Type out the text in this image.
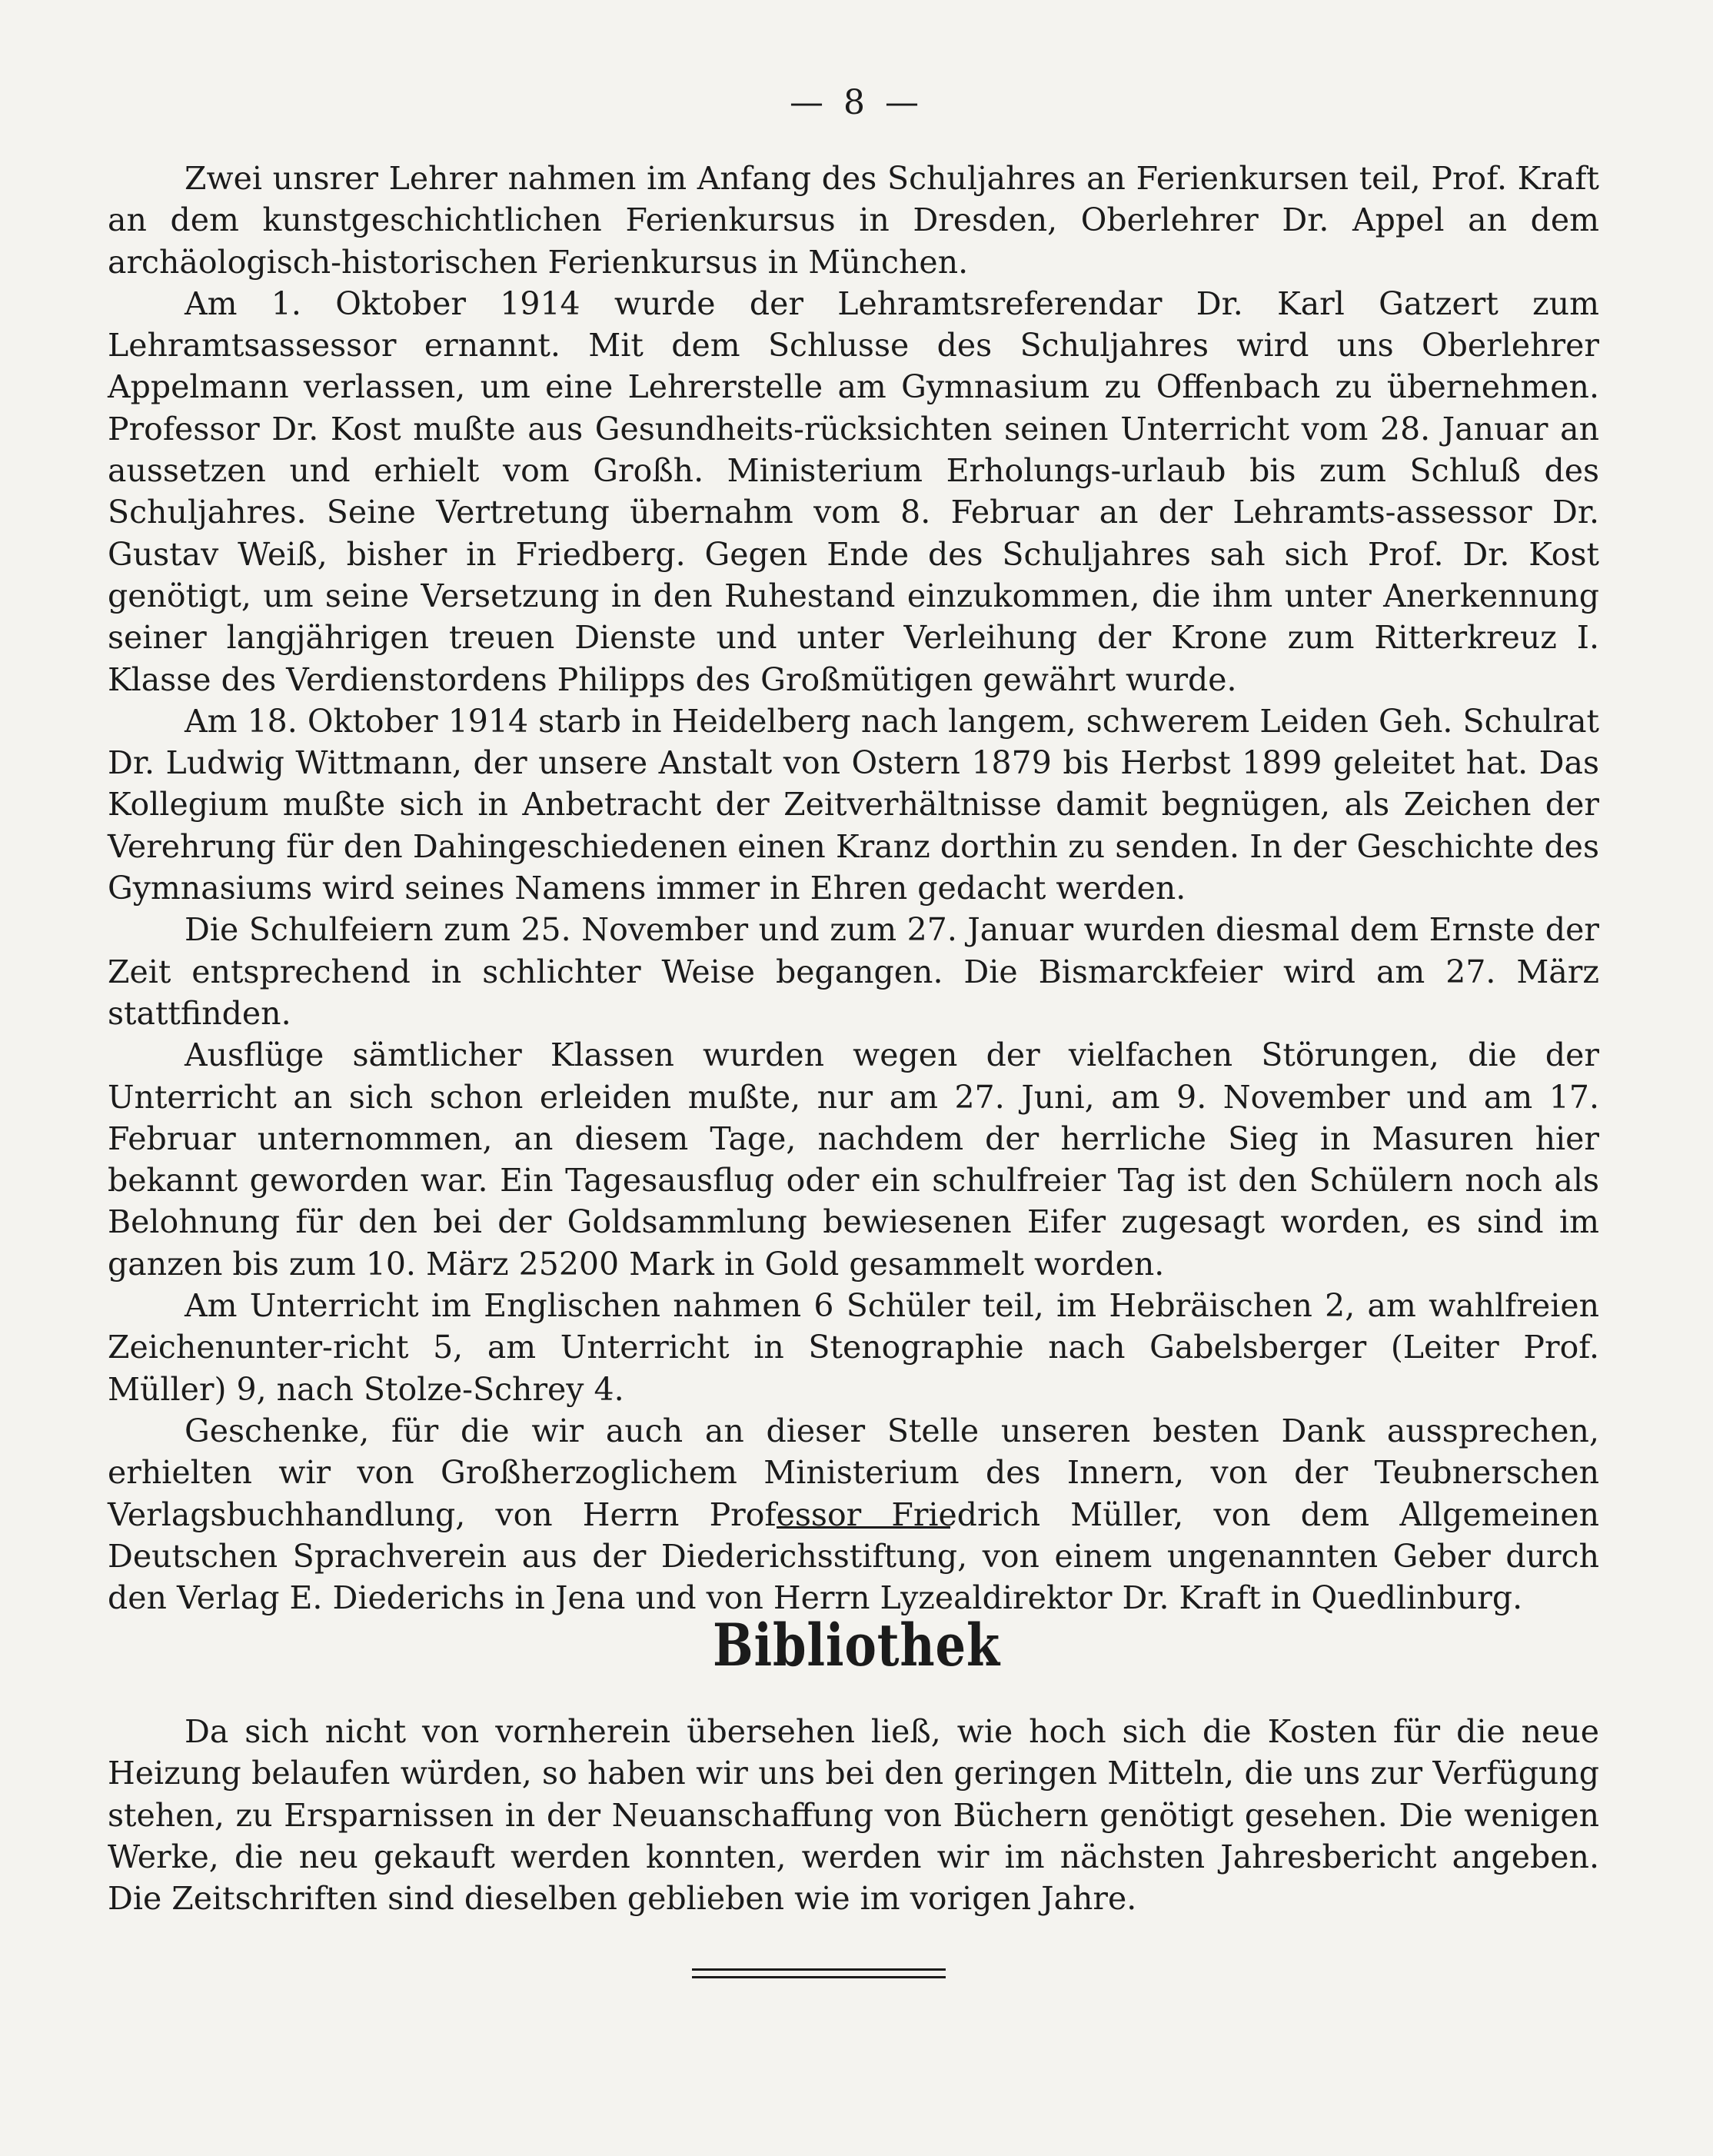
— 8 —

Zwei unsrer Lehrer nahmen im Anfang des Schuljahres an Ferienkursen teil, Prof. Kraft an dem kunstgeschichtlichen Ferienkursus in Dresden, Oberlehrer Dr. Appel an dem archäologisch-historischen Ferienkursus in München.

Am 1. Oktober 1914 wurde der Lehramtsreferendar Dr. Karl Gatzert zum Lehramtsassessor ernannt. Mit dem Schlusse des Schuljahres wird uns Oberlehrer Appelmann verlassen, um eine Lehrerstelle am Gymnasium zu Offenbach zu übernehmen. Professor Dr. Kost mußte aus Gesundheits-rücksichten seinen Unterricht vom 28. Januar an aussetzen und erhielt vom Großh. Ministerium Erholungs-urlaub bis zum Schluß des Schuljahres. Seine Vertretung übernahm vom 8. Februar an der Lehramts-assessor Dr. Gustav Weiß, bisher in Friedberg. Gegen Ende des Schuljahres sah sich Prof. Dr. Kost genötigt, um seine Versetzung in den Ruhestand einzukommen, die ihm unter Anerkennung seiner langjährigen treuen Dienste und unter Verleihung der Krone zum Ritterkreuz I. Klasse des Verdienstordens Philipps des Großmütigen gewährt wurde.

Am 18. Oktober 1914 starb in Heidelberg nach langem, schwerem Leiden Geh. Schulrat Dr. Ludwig Wittmann, der unsere Anstalt von Ostern 1879 bis Herbst 1899 geleitet hat. Das Kollegium mußte sich in Anbetracht der Zeitverhältnisse damit begnügen, als Zeichen der Verehrung für den Dahingeschiedenen einen Kranz dorthin zu senden. In der Geschichte des Gymnasiums wird seines Namens immer in Ehren gedacht werden.

Die Schulfeiern zum 25. November und zum 27. Januar wurden diesmal dem Ernste der Zeit entsprechend in schlichter Weise begangen. Die Bismarckfeier wird am 27. März stattfinden.

Ausflüge sämtlicher Klassen wurden wegen der vielfachen Störungen, die der Unterricht an sich schon erleiden mußte, nur am 27. Juni, am 9. November und am 17. Februar unternommen, an diesem Tage, nachdem der herrliche Sieg in Masuren hier bekannt geworden war. Ein Tagesausflug oder ein schulfreier Tag ist den Schülern noch als Belohnung für den bei der Goldsammlung bewiesenen Eifer zugesagt worden, es sind im ganzen bis zum 10. März 25200 Mark in Gold gesammelt worden.

Am Unterricht im Englischen nahmen 6 Schüler teil, im Hebräischen 2, am wahlfreien Zeichenunter-richt 5, am Unterricht in Stenographie nach Gabelsberger (Leiter Prof. Müller) 9, nach Stolze-Schrey 4.

Geschenke, für die wir auch an dieser Stelle unseren besten Dank aussprechen, erhielten wir von Großherzoglichem Ministerium des Innern, von der Teubnerschen Verlagsbuchhandlung, von Herrn Professor Friedrich Müller, von dem Allgemeinen Deutschen Sprachverein aus der Diederichsstiftung, von einem ungenannten Geber durch den Verlag E. Diederichs in Jena und von Herrn Lyzealdirektor Dr. Kraft in Quedlinburg.

Bibliothek

Da sich nicht von vornherein übersehen ließ, wie hoch sich die Kosten für die neue Heizung belaufen würden, so haben wir uns bei den geringen Mitteln, die uns zur Verfügung stehen, zu Ersparnissen in der Neuanschaffung von Büchern genötigt gesehen. Die wenigen Werke, die neu gekauft werden konnten, werden wir im nächsten Jahresbericht angeben. Die Zeitschriften sind dieselben geblieben wie im vorigen Jahre.
